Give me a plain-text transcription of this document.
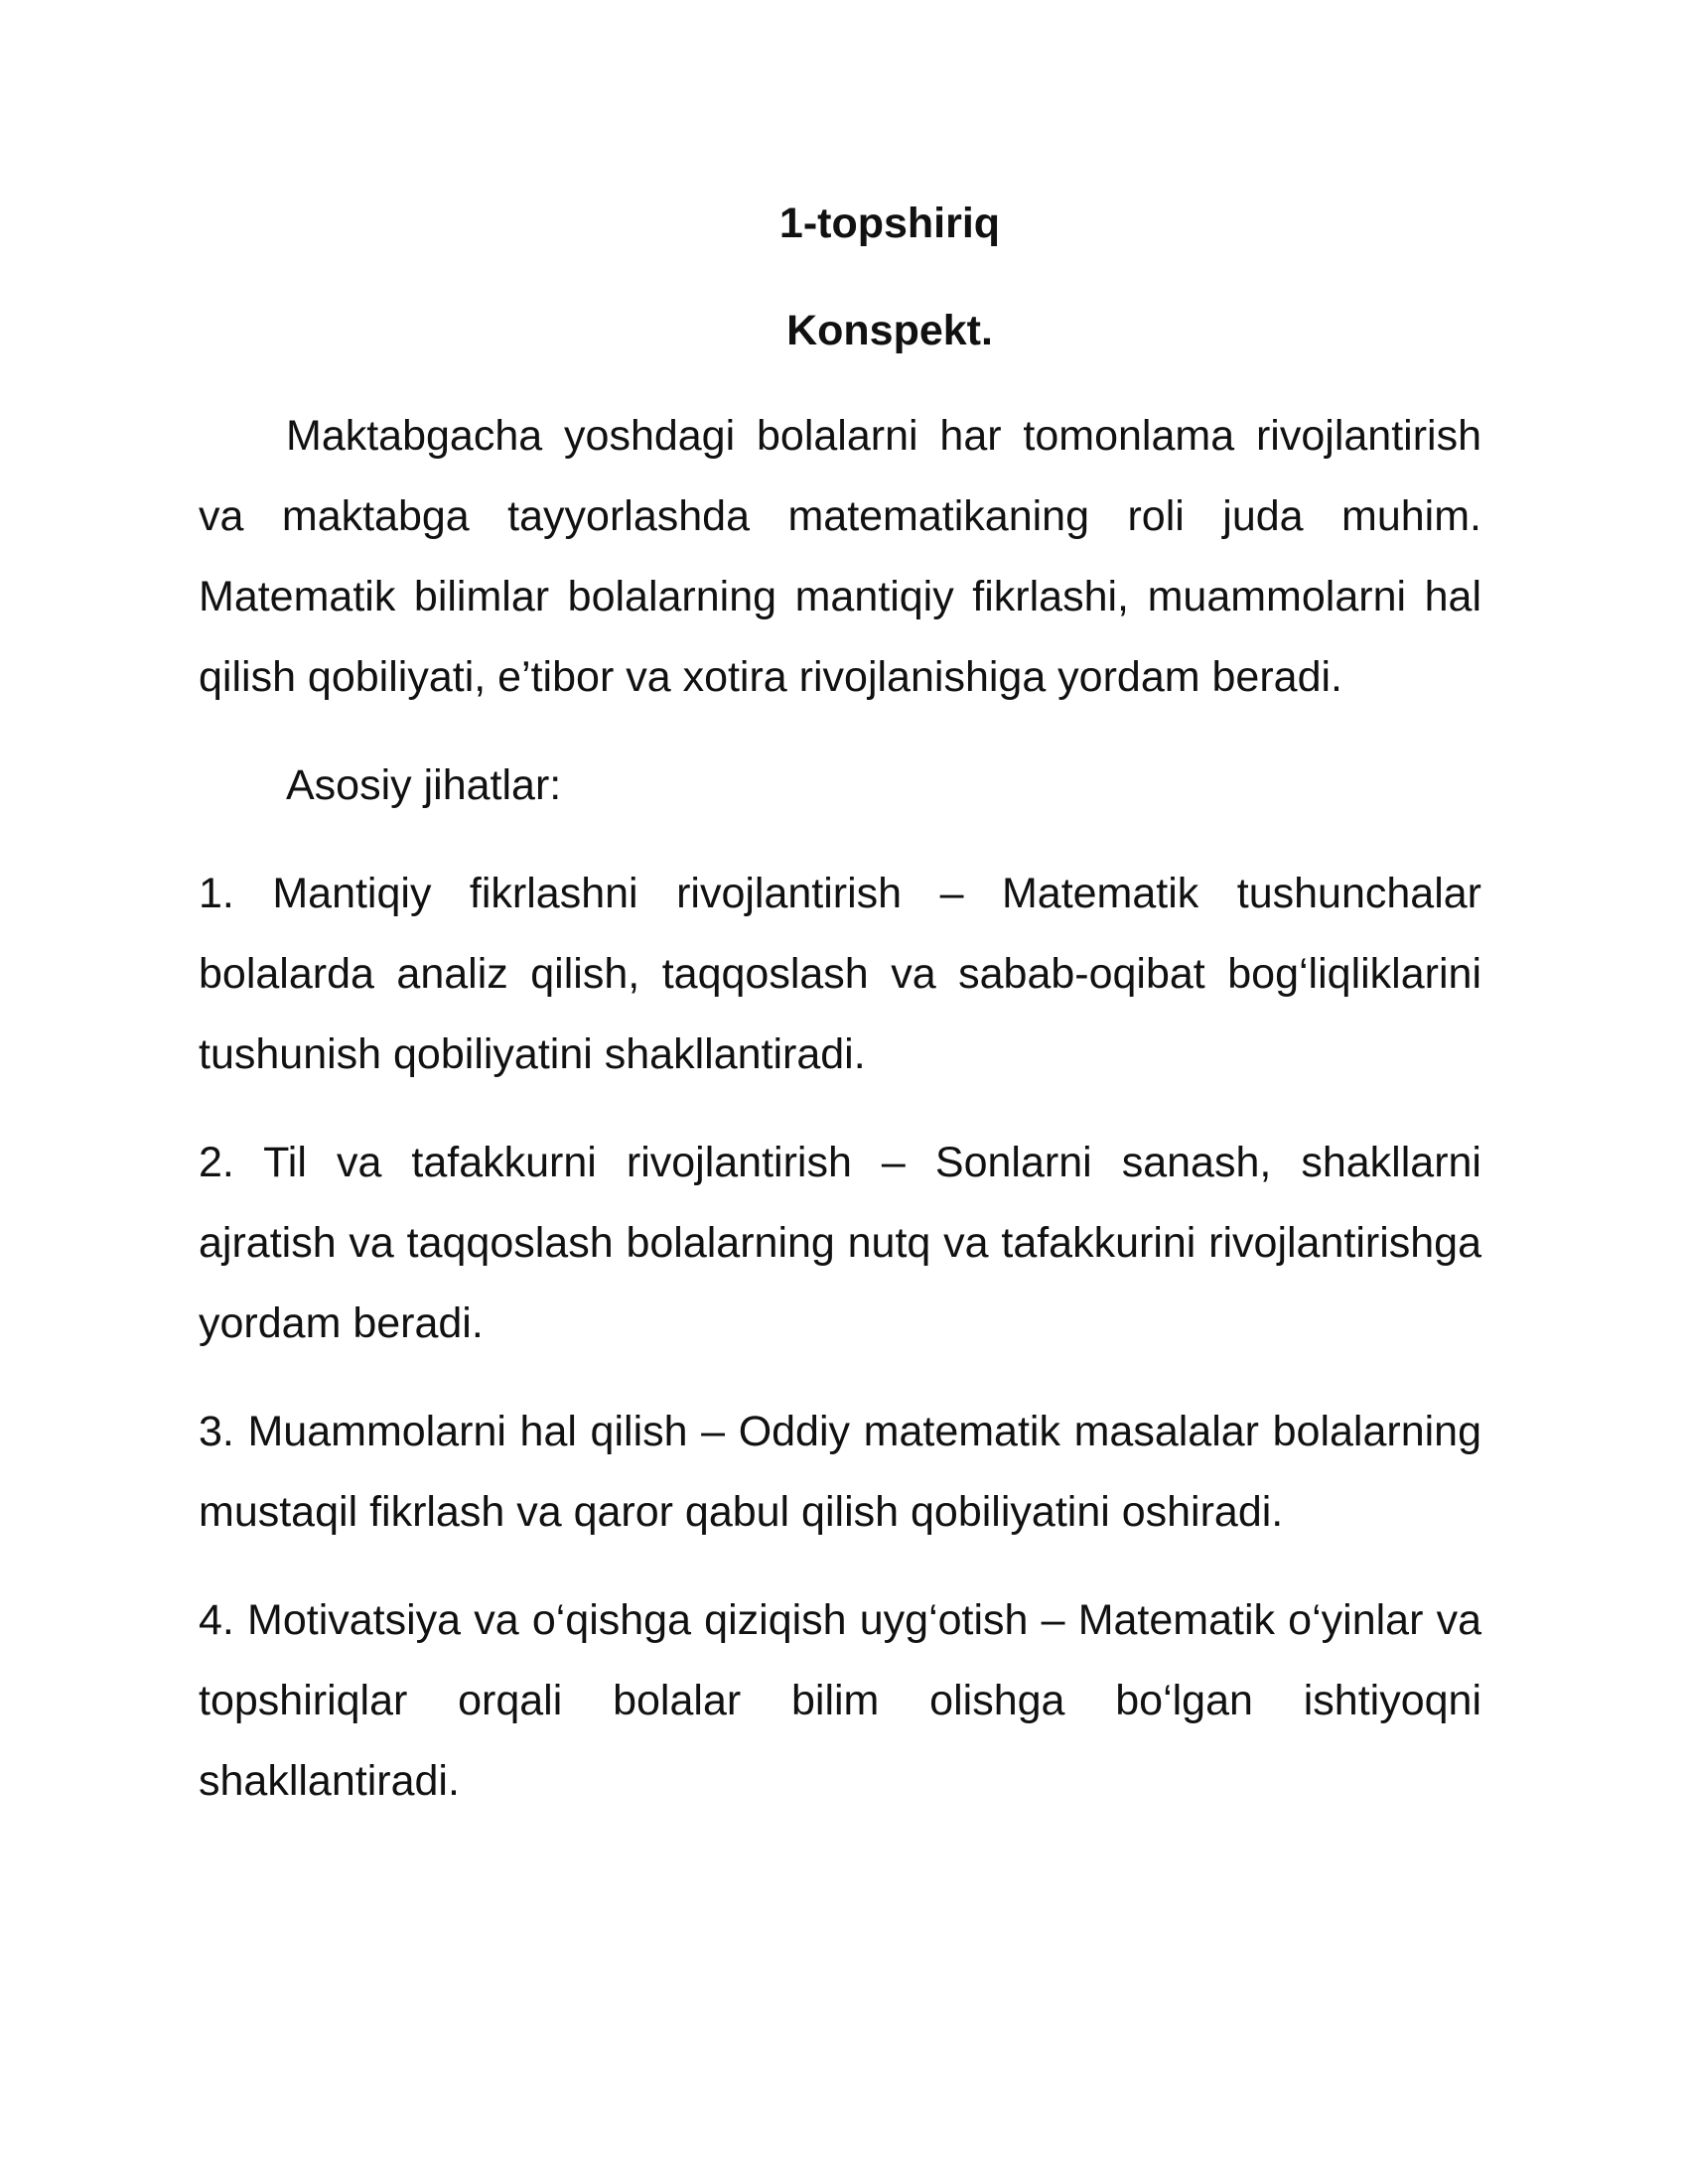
1-topshiriq

Konspekt.

Maktabgacha yoshdagi bolalarni har tomonlama rivojlantirish va maktabga tayyorlashda matematikaning roli juda muhim. Matematik bilimlar bolalarning mantiqiy fikrlashi, muammolarni hal qilish qobiliyati, e’tibor va xotira rivojlanishiga yordam beradi.

Asosiy jihatlar:

1. Mantiqiy fikrlashni rivojlantirish – Matematik tushunchalar bolalarda analiz qilish, taqqoslash va sabab-oqibat bog‘liqliklarini tushunish qobiliyatini shakllantiradi.

2. Til va tafakkurni rivojlantirish – Sonlarni sanash, shakllarni ajratish va taqqoslash bolalarning nutq va tafakkurini rivojlantirishga yordam beradi.

3. Muammolarni hal qilish – Oddiy matematik masalalar bolalarning mustaqil fikrlash va qaror qabul qilish qobiliyatini oshiradi.

4. Motivatsiya va o‘qishga qiziqish uyg‘otish – Matematik o‘yinlar va topshiriqlar orqali bolalar bilim olishga bo‘lgan ishtiyoqni shakllantiradi.
